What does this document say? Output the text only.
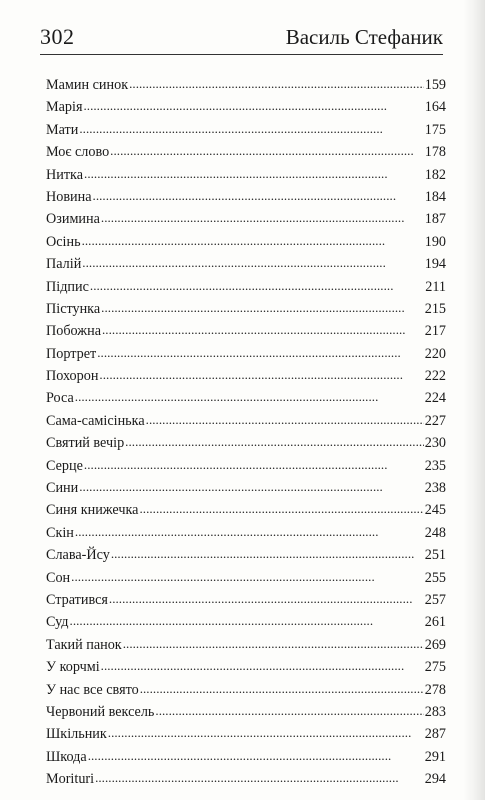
302	Василь Стефаник
Мамин синок . . .	159
Марія . . .	164
Мати . . .	175
Моє слово . . .	178
Нитка . . .	182
Новина . . .	184
Озимина . . .	187
Осінь . . .	190
Палій . . .	194
Підпис . . .	211
Пістунка . . .	215
Побожна . . .	217
Портрет . . .	220
Похорон . . .	222
Роса . . .	224
Сама-самісінька . . .	227
Святий вечір . . .	230
Серце . . .	235
Сини . . .	238
Синя книжечка . . .	245
Скін . . .	248
Слава-Йсу . . .	251
Сон . . .	255
Стратився . . .	257
Суд . . .	261
Такий панок . . .	269
У корчмі . . .	275
У нас все свято . . .	278
Червоний вексель . . .	283
Шкільник . . .	287
Шкода . . .	291
Moriturі . . .	294
